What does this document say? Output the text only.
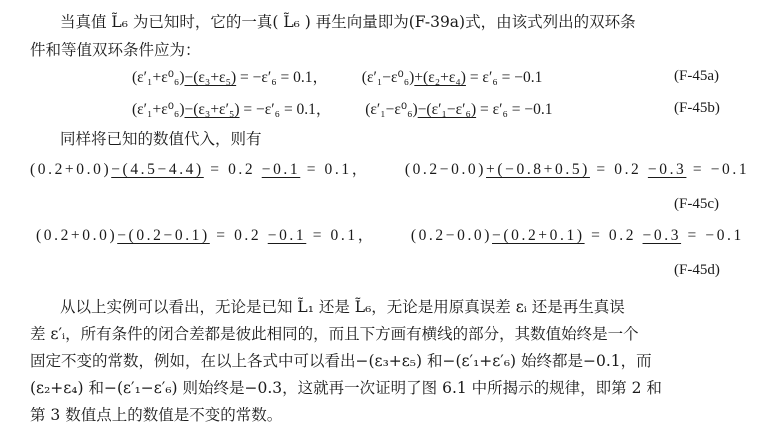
当真值 L̃₆ 为已知时，它的一真( L̃₆ ) 再生向量即为(F-39a)式，由该式列出的双环条
件和等值双环条件应为：
(ε′₁+ε⁰₆)−(ε₃+ε₅) = −ε′₆ = 0.1， (ε′₁−ε⁰₆)+(ε₂+ε₄) = ε′₆ = −0.1	(F-45a)
(ε′₁+ε⁰₆)−(ε₃+ε′₅) = −ε′₆ = 0.1， (ε′₁−ε⁰₆)−(ε′₁−ε′₆) = ε′₆ = −0.1	(F-45b)
同样将已知的数值代入，则有
(0.2+0.0)−(4.5−4.4) = 0.2 −0.1 = 0.1， (0.2−0.0)+(−0.8+0.5) = 0.2 −0.3 = −0.1
(F-45c)
(0.2+0.0)−(0.2−0.1) = 0.2 −0.1 = 0.1， (0.2−0.0)−(0.2+0.1) = 0.2 −0.3 = −0.1
(F-45d)
从以上实例可以看出，无论是已知 L̃₁ 还是 L̃₆，无论是用原真误差 εᵢ 还是再生真误
差 ε′ᵢ，所有条件的闭合差都是彼此相同的，而且下方画有横线的部分，其数值始终是一个
固定不变的常数，例如，在以上各式中可以看出−(ε₃+ε₅) 和−(ε′₁+ε′₆) 始终都是−0.1，而
(ε₂+ε₄) 和−(ε′₁−ε′₆) 则始终是−0.3，这就再一次证明了图 6.1 中所揭示的规律，即第 2 和
第 3 数值点上的数值是不变的常数。
